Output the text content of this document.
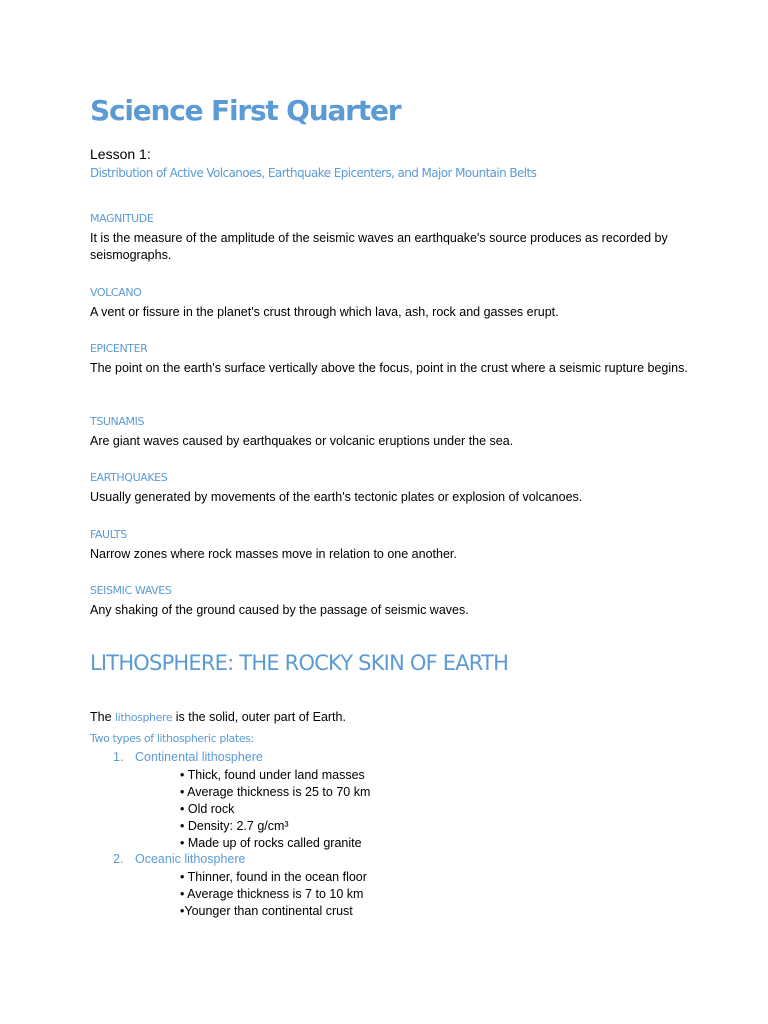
Science First Quarter
Lesson 1:
Distribution of Active Volcanoes, Earthquake Epicenters, and Major Mountain Belts
MAGNITUDE
It is the measure of the amplitude of the seismic waves an earthquake's source produces as recorded by seismographs.
VOLCANO
A vent or fissure in the planet's crust through which lava, ash, rock and gasses erupt.
EPICENTER
The point on the earth's surface vertically above the focus, point in the crust where a seismic rupture begins.
TSUNAMIS
Are giant waves caused by earthquakes or volcanic eruptions under the sea.
EARTHQUAKES
Usually generated by movements of the earth's tectonic plates or explosion of volcanoes.
FAULTS
Narrow zones where rock masses move in relation to one another.
SEISMIC WAVES
Any shaking of the ground caused by the passage of seismic waves.
LITHOSPHERE: THE ROCKY SKIN OF EARTH
The lithosphere is the solid, outer part of Earth.
Two types of lithospheric plates:
1. Continental lithosphere
• Thick, found under land masses
• Average thickness is 25 to 70 km
• Old rock
• Density: 2.7 g/cm³
• Made up of rocks called granite
2. Oceanic lithosphere
• Thinner, found in the ocean floor
• Average thickness is 7 to 10 km
•Younger than continental crust
